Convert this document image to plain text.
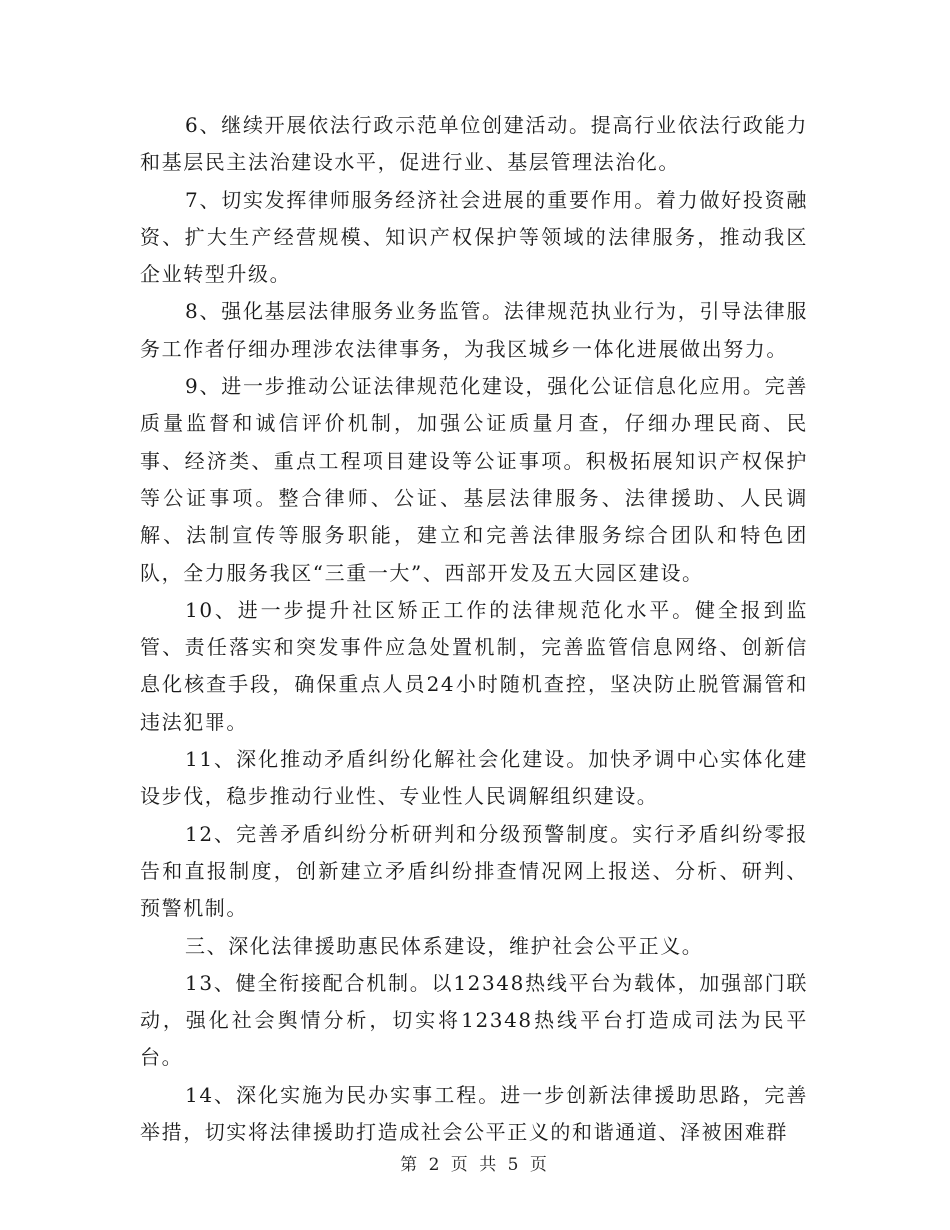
6、继续开展依法行政示范单位创建活动。提高行业依法行政能力和基层民主法治建设水平，促进行业、基层管理法治化。

7、切实发挥律师服务经济社会进展的重要作用。着力做好投资融资、扩大生产经营规模、知识产权保护等领域的法律服务，推动我区企业转型升级。

8、强化基层法律服务业务监管。法律规范执业行为，引导法律服务工作者仔细办理涉农法律事务，为我区城乡一体化进展做出努力。

9、进一步推动公证法律规范化建设，强化公证信息化应用。完善质量监督和诚信评价机制，加强公证质量月查，仔细办理民商、民事、经济类、重点工程项目建设等公证事项。积极拓展知识产权保护等公证事项。整合律师、公证、基层法律服务、法律援助、人民调解、法制宣传等服务职能，建立和完善法律服务综合团队和特色团队，全力服务我区“三重一大”、西部开发及五大园区建设。

10、进一步提升社区矫正工作的法律规范化水平。健全报到监管、责任落实和突发事件应急处置机制，完善监管信息网络、创新信息化核查手段，确保重点人员24小时随机查控，坚决防止脱管漏管和违法犯罪。

11、深化推动矛盾纠纷化解社会化建设。加快矛调中心实体化建设步伐，稳步推动行业性、专业性人民调解组织建设。

12、完善矛盾纠纷分析研判和分级预警制度。实行矛盾纠纷零报告和直报制度，创新建立矛盾纠纷排查情况网上报送、分析、研判、预警机制。

三、深化法律援助惠民体系建设，维护社会公平正义。

13、健全衔接配合机制。以12348热线平台为载体，加强部门联动，强化社会舆情分析，切实将12348热线平台打造成司法为民平台。

14、深化实施为民办实事工程。进一步创新法律援助思路，完善举措，切实将法律援助打造成社会公平正义的和谐通道、泽被困难群

第 2 页 共 5 页
